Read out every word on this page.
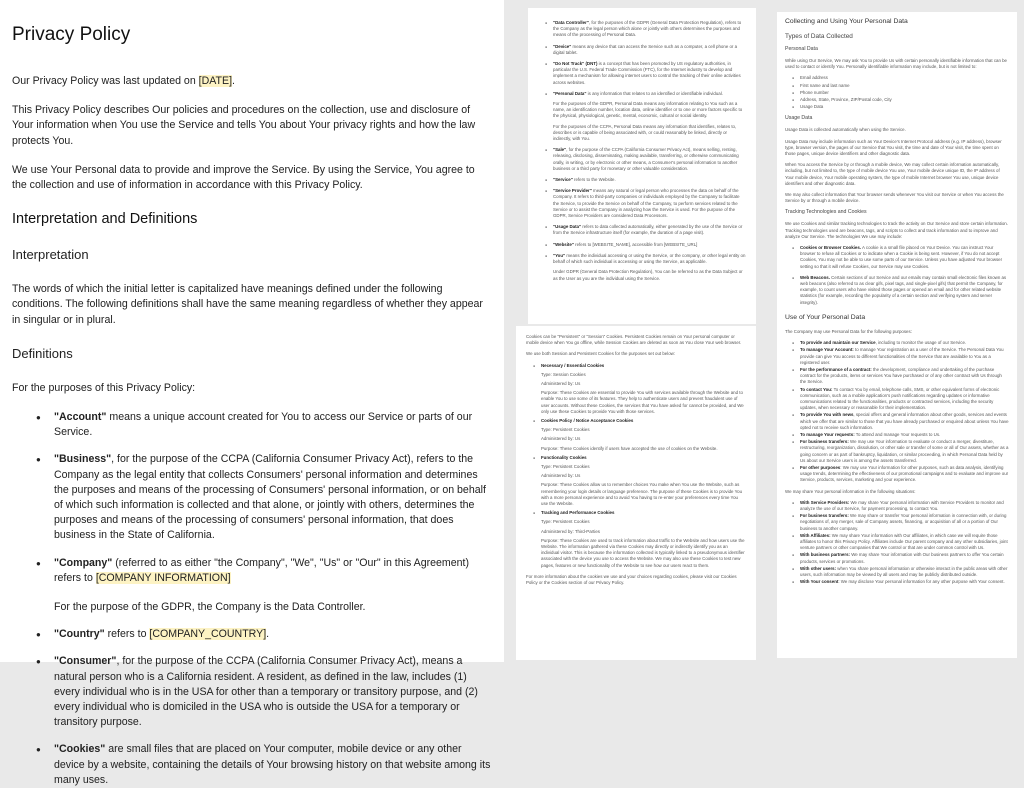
Privacy Policy

Our Privacy Policy was last updated on [DATE].

This Privacy Policy describes Our policies and procedures on the collection, use and disclosure of Your information when You use the Service and tells You about Your privacy rights and how the law protects You.

We use Your Personal data to provide and improve the Service. By using the Service, You agree to the collection and use of information in accordance with this Privacy Policy.

Interpretation and Definitions
Interpretation

The words of which the initial letter is capitalized have meanings defined under the following conditions. The following definitions shall have the same meaning regardless of whether they appear in singular or in plural.

Definitions

For the purposes of this Privacy Policy:

● "Account" means a unique account created for You to access our Service or parts of our Service.
● "Business", for the purpose of the CCPA (California Consumer Privacy Act), refers to the Company as the legal entity that collects Consumers' personal information and determines the purposes and means of the processing of Consumers' personal information, or on behalf of which such information is collected and that alone, or jointly with others, determines the purposes and means of the processing of consumers' personal information, that does business in the State of California.
● "Company" (referred to as either "the Company", "We", "Us" or "Our" in this Agreement) refers to [COMPANY INFORMATION]
For the purpose of the GDPR, the Company is the Data Controller.
● "Country" refers to [COMPANY_COUNTRY].
● "Consumer", for the purpose of the CCPA (California Consumer Privacy Act), means a natural person who is a California resident. A resident, as defined in the law, includes (1) every individual who is in the USA for other than a temporary or transitory purpose, and (2) every individual who is domiciled in the USA who is outside the USA for a temporary or transitory purpose.
● "Cookies" are small files that are placed on Your computer, mobile device or any other device by a website, containing the details of Your browsing history on that website among its many uses.
● "Data Controller", for the purposes of the GDPR (General Data Protection Regulation), refers to the Company as the legal person which alone or jointly with others determines the purposes and means of the processing of Personal Data.
● "Device" means any device that can access the Service such as a computer, a cell phone or a digital tablet.
● "Do Not Track" (DNT) is a concept that has been promoted by US regulatory authorities, in particular the U.S. Federal Trade Commission (FTC), for the Internet industry to develop and implement a mechanism for allowing internet users to control the tracking of their online activities across websites.
● "Personal Data" is any information that relates to an identified or identifiable individual.
For the purposes of the GDPR, Personal Data means any information relating to You such as a name, an identification number, location data, online identifier or to one or more factors specific to the physical, physiological, genetic, mental, economic, cultural or social identity.
For the purposes of the CCPA, Personal Data means any information that identifies, relates to, describes or is capable of being associated with, or could reasonably be linked, directly or indirectly, with You.
● "Sale", for the purpose of the CCPA (California Consumer Privacy Act), means selling, renting, releasing, disclosing, disseminating, making available, transferring, or otherwise communicating orally, in writing, or by electronic or other means, a Consumer's personal information to another business or a third party for monetary or other valuable consideration.
● "Service" refers to the Website.
● "Service Provider" means any natural or legal person who processes the data on behalf of the Company. It refers to third-party companies or individuals employed by the Company to facilitate the Service, to provide the Service on behalf of the Company, to perform services related to the Service or to assist the Company in analyzing how the Service is used. For the purpose of the GDPR, Service Providers are considered Data Processors.
● "Usage Data" refers to data collected automatically, either generated by the use of the Service or from the Service infrastructure itself (for example, the duration of a page visit).
● "Website" refers to [WEBSITE_NAME], accessible from [WEBSITE_URL]
● "You" means the individual accessing or using the Service, or the company, or other legal entity on behalf of which such individual is accessing or using the Service, as applicable.
Under GDPR (General Data Protection Regulation), You can be referred to as the Data Subject or as the User as you are the individual using the Service.

Cookies can be "Persistent" or "Session" Cookies. Persistent Cookies remain on Your personal computer or mobile device when You go offline, while Session Cookies are deleted as soon as You close Your web browser.

We use both Session and Persistent Cookies for the purposes set out below:

● Necessary / Essential Cookies

Type: Session Cookies

Administered by: Us

Purpose: These Cookies are essential to provide You with services available through the Website and to enable You to use some of its features. They help to authenticate users and prevent fraudulent use of user accounts. Without these Cookies, the services that You have asked for cannot be provided, and We only use these Cookies to provide You with those services.

● Cookies Policy / Notice Acceptance Cookies

Type: Persistent Cookies

Administered by: Us

Purpose: These Cookies identify if users have accepted the use of cookies on the Website.

● Functionality Cookies

Type: Persistent Cookies

Administered by: Us

Purpose: These Cookies allow us to remember choices You make when You use the Website, such as remembering your login details or language preference. The purpose of these Cookies is to provide You with a more personal experience and to avoid You having to re-enter your preferences every time You use the Website.

● Tracking and Performance Cookies

Type: Persistent Cookies

Administered by: Third-Parties

Purpose: These Cookies are used to track information about traffic to the Website and how users use the Website. The information gathered via these Cookies may directly or indirectly identify you as an individual visitor. This is because the information collected is typically linked to a pseudonymous identifier associated with the device you use to access the Website. We may also use these Cookies to test new pages, features or new functionality of the Website to see how our users react to them.

For more information about the cookies we use and your choices regarding cookies, please visit our Cookies Policy or the Cookies section of our Privacy Policy.

Collecting and Using Your Personal Data
Types of Data Collected
Personal Data

While using Our Service, We may ask You to provide Us with certain personally identifiable information that can be used to contact or identify You. Personally identifiable information may include, but is not limited to:

● Email address
● First name and last name
● Phone number
● Address, State, Province, ZIP/Postal code, City
● Usage Data
Usage Data

Usage Data is collected automatically when using the Service.

Usage Data may include information such as Your Device's Internet Protocol address (e.g. IP address), browser type, browser version, the pages of our Service that You visit, the time and date of Your visit, the time spent on those pages, unique device identifiers and other diagnostic data.

When You access the Service by or through a mobile device, We may collect certain information automatically, including, but not limited to, the type of mobile device You use, Your mobile device unique ID, the IP address of Your mobile device, Your mobile operating system, the type of mobile Internet browser You use, unique device identifiers and other diagnostic data.

We may also collect information that Your browser sends whenever You visit our Service or when You access the Service by or through a mobile device.

Tracking Technologies and Cookies

We use Cookies and similar tracking technologies to track the activity on Our Service and store certain information. Tracking technologies used are beacons, tags, and scripts to collect and track information and to improve and analyze Our Service. The technologies We use may include:

● Cookies or Browser Cookies. A cookie is a small file placed on Your Device. You can instruct Your browser to refuse all Cookies or to indicate when a Cookie is being sent. However, if You do not accept Cookies, You may not be able to use some parts of our Service. Unless you have adjusted Your browser setting so that it will refuse Cookies, our Service may use Cookies.
● Web Beacons. Certain sections of our Service and our emails may contain small electronic files known as web beacons (also referred to as clear gifs, pixel tags, and single-pixel gifs) that permit the Company, for example, to count users who have visited those pages or opened an email and for other related website statistics (for example, recording the popularity of a certain section and verifying system and server integrity).
Use of Your Personal Data

The Company may use Personal Data for the following purposes:

● To provide and maintain our Service, including to monitor the usage of our Service.
● To manage Your Account: to manage Your registration as a user of the Service. The Personal Data You provide can give You access to different functionalities of the Service that are available to You as a registered user.
● For the performance of a contract: the development, compliance and undertaking of the purchase contract for the products, items or services You have purchased or of any other contract with Us through the Service.
● To contact You: To contact You by email, telephone calls, SMS, or other equivalent forms of electronic communication, such as a mobile application's push notifications regarding updates or informative communications related to the functionalities, products or contracted services, including the security updates, when necessary or reasonable for their implementation.
● To provide You with news, special offers and general information about other goods, services and events which we offer that are similar to those that you have already purchased or enquired about unless You have opted not to receive such information.
● To manage Your requests: To attend and manage Your requests to Us.
● For business transfers: We may use Your information to evaluate or conduct a merger, divestiture, restructuring, reorganization, dissolution, or other sale or transfer of some or all of Our assets, whether as a going concern or as part of bankruptcy, liquidation, or similar proceeding, in which Personal Data held by Us about our Service users is among the assets transferred.
● For other purposes: We may use Your information for other purposes, such as data analysis, identifying usage trends, determining the effectiveness of our promotional campaigns and to evaluate and improve our Service, products, services, marketing and your experience.

We may share Your personal information in the following situations:

● With Service Providers: We may share Your personal information with Service Providers to monitor and analyze the use of our Service, for payment processing, to contact You.
● For business transfers: We may share or transfer Your personal information in connection with, or during negotiations of, any merger, sale of Company assets, financing, or acquisition of all or a portion of Our business to another company.
● With Affiliates: We may share Your information with Our affiliates, in which case we will require those affiliates to honor this Privacy Policy. Affiliates include Our parent company and any other subsidiaries, joint venture partners or other companies that We control or that are under common control with Us.
● With business partners: We may share Your information with Our business partners to offer You certain products, services or promotions.
● With other users: when You share personal information or otherwise interact in the public areas with other users, such information may be viewed by all users and may be publicly distributed outside.
● With Your consent: We may disclose Your personal information for any other purpose with Your consent.
